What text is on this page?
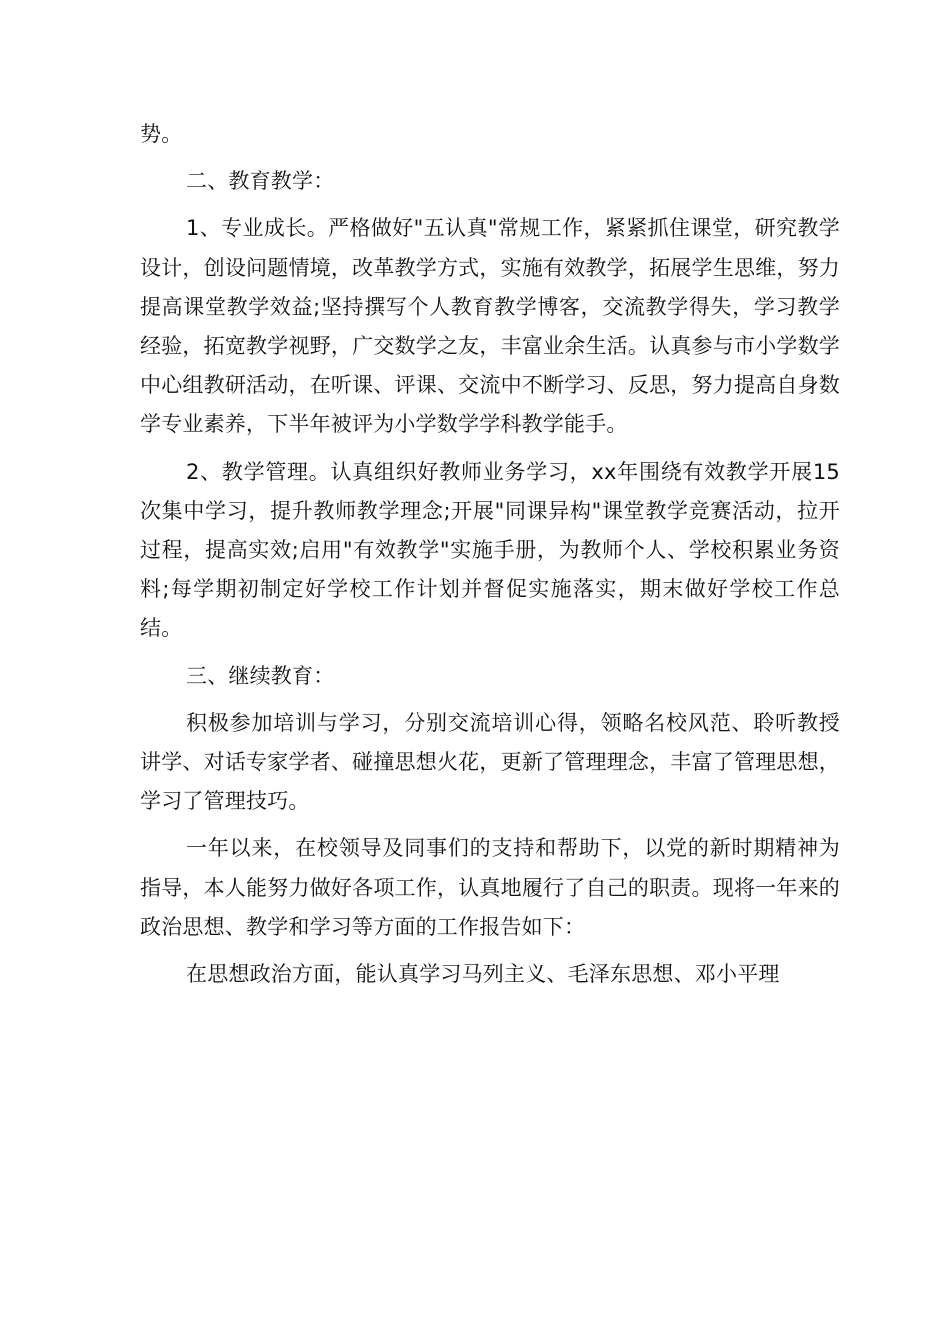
势。

二、教育教学：

1、专业成长。严格做好"五认真"常规工作，紧紧抓住课堂，研究教学设计，创设问题情境，改革教学方式，实施有效教学，拓展学生思维，努力提高课堂教学效益;坚持撰写个人教育教学博客，交流教学得失，学习教学经验，拓宽教学视野，广交数学之友，丰富业余生活。认真参与市小学数学中心组教研活动，在听课、评课、交流中不断学习、反思，努力提高自身数学专业素养，下半年被评为小学数学学科教学能手。

2、教学管理。认真组织好教师业务学习，xx年围绕有效教学开展15次集中学习，提升教师教学理念;开展"同课异构"课堂教学竞赛活动，拉开过程，提高实效;启用"有效教学"实施手册，为教师个人、学校积累业务资料;每学期初制定好学校工作计划并督促实施落实，期末做好学校工作总结。

三、继续教育：

积极参加培训与学习，分别交流培训心得，领略名校风范、聆听教授讲学、对话专家学者、碰撞思想火花，更新了管理理念，丰富了管理思想，学习了管理技巧。

一年以来，在校领导及同事们的支持和帮助下，以党的新时期精神为指导，本人能努力做好各项工作，认真地履行了自己的职责。现将一年来的政治思想、教学和学习等方面的工作报告如下：

在思想政治方面，能认真学习马列主义、毛泽东思想、邓小平理
